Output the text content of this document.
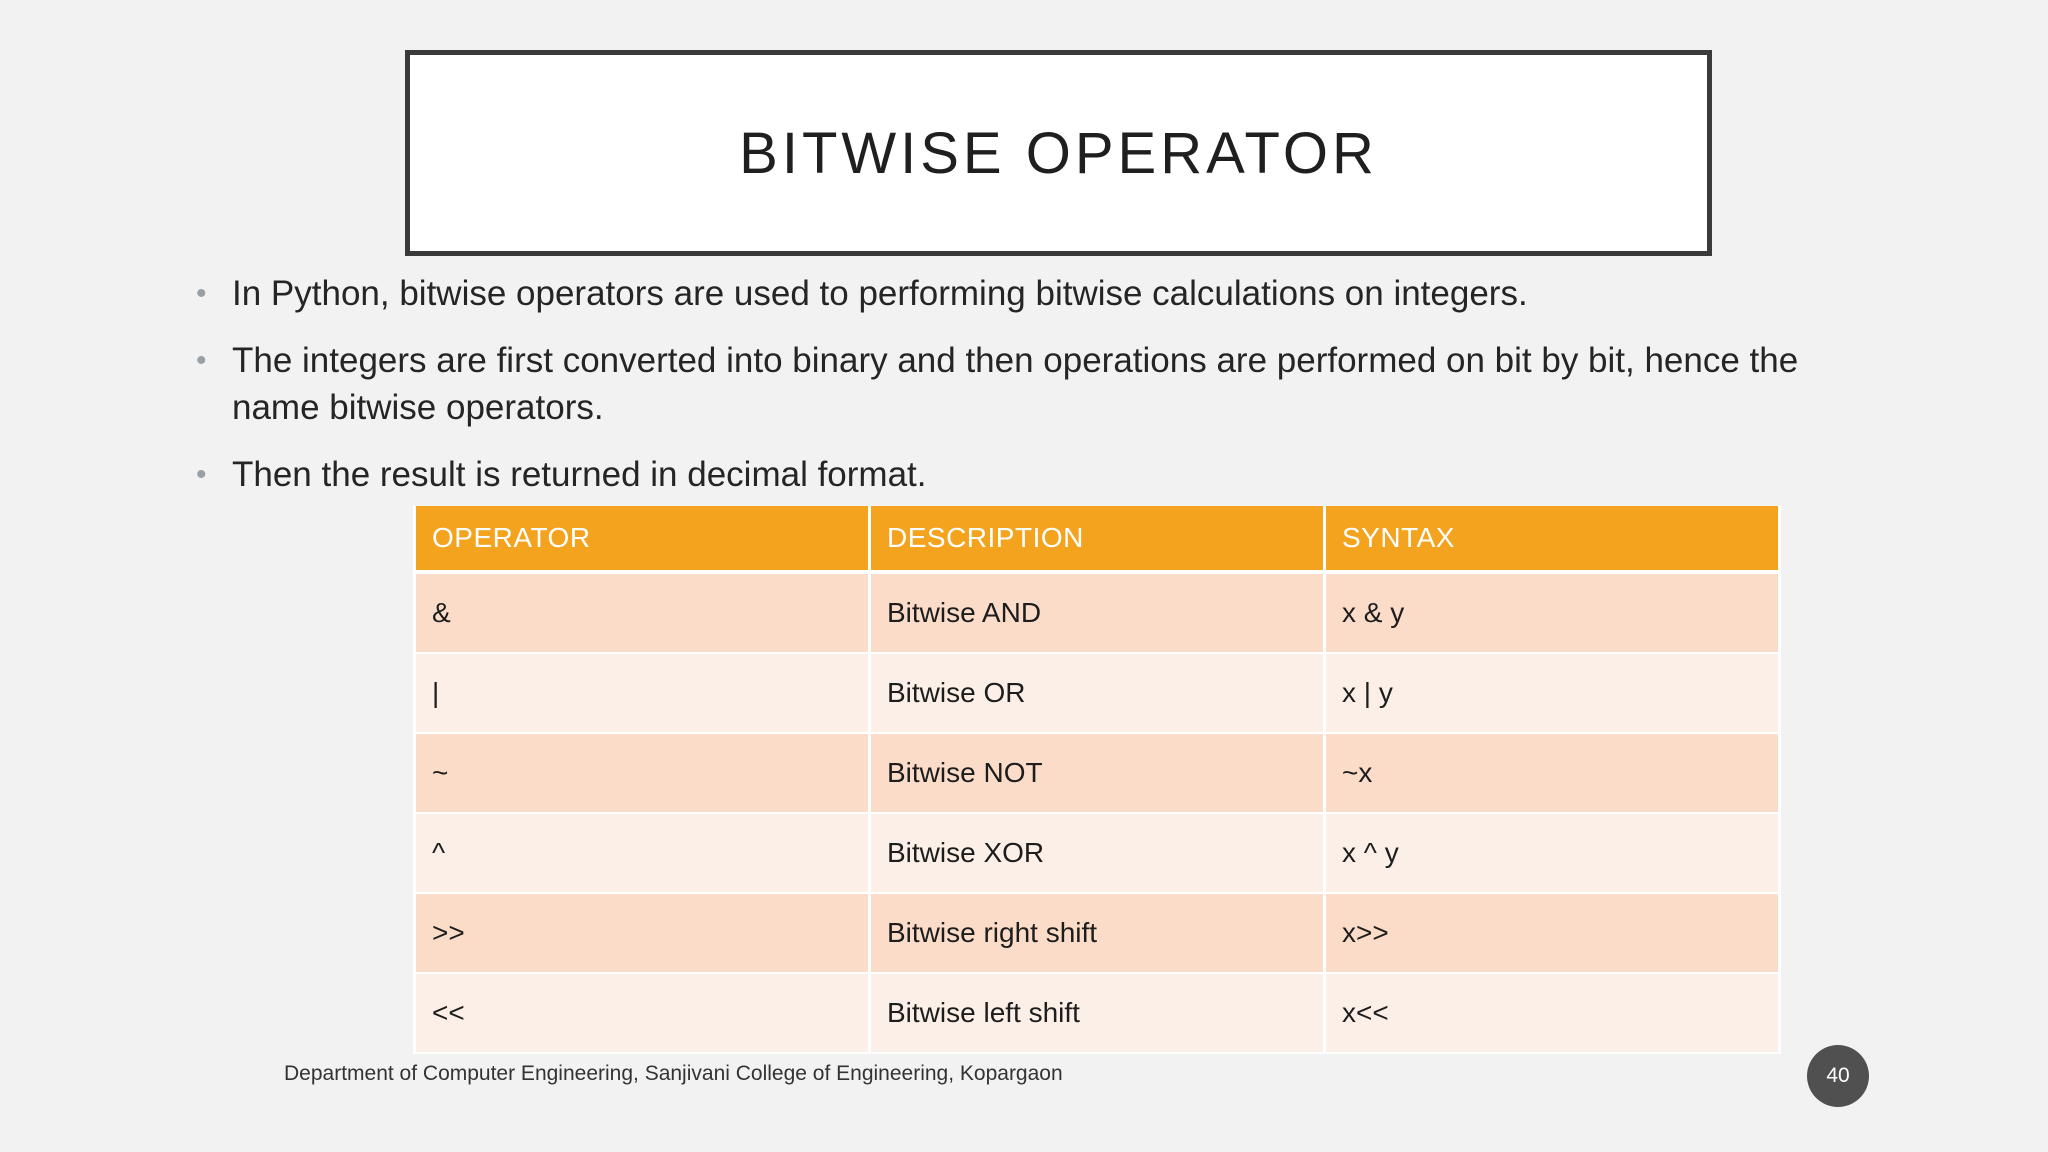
BITWISE OPERATOR
• In Python, bitwise operators are used to performing bitwise calculations on integers.
• The integers are first converted into binary and then operations are performed on bit by bit, hence the name bitwise operators.
• Then the result is returned in decimal format.
OPERATOR	DESCRIPTION	SYNTAX
&	Bitwise AND	x & y
|	Bitwise OR	x | y
~	Bitwise NOT	~x
^	Bitwise XOR	x ^ y
>>	Bitwise right shift	x>>
<<	Bitwise left shift	x<<
Department of Computer Engineering, Sanjivani College of Engineering, Kopargaon	40
